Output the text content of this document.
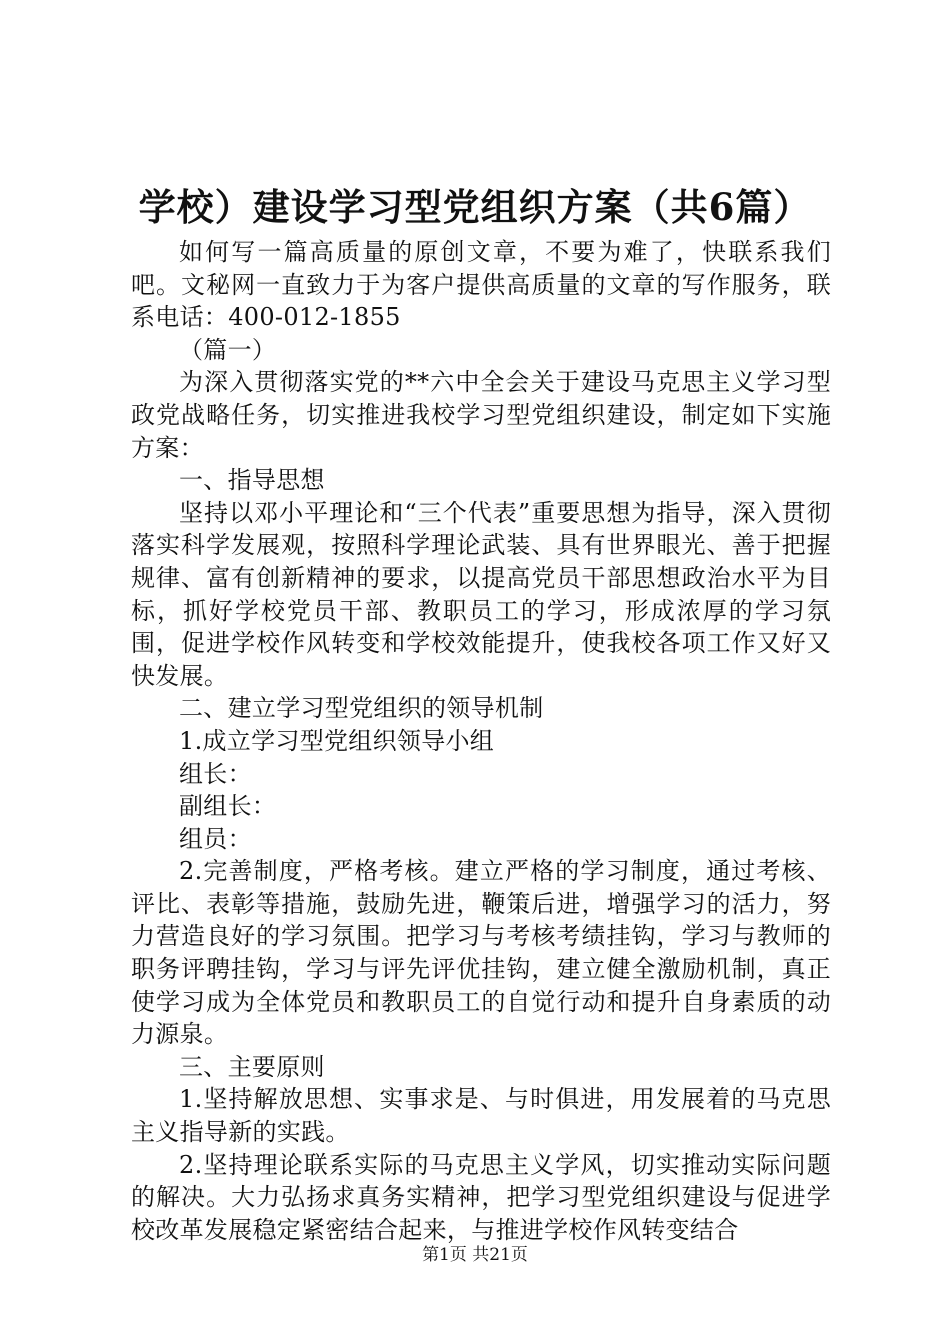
学校）建设学习型党组织方案（共6篇）

如何写一篇高质量的原创文章，不要为难了，快联系我们吧。文秘网一直致力于为客户提供高质量的文章的写作服务，联系电话：400-012-1855

（篇一）

为深入贯彻落实党的**六中全会关于建设马克思主义学习型政党战略任务，切实推进我校学习型党组织建设，制定如下实施方案：

一、指导思想

坚持以邓小平理论和“三个代表”重要思想为指导，深入贯彻落实科学发展观，按照科学理论武装、具有世界眼光、善于把握规律、富有创新精神的要求，以提高党员干部思想政治水平为目标，抓好学校党员干部、教职员工的学习，形成浓厚的学习氛围，促进学校作风转变和学校效能提升，使我校各项工作又好又快发展。

二、建立学习型党组织的领导机制

1.成立学习型党组织领导小组

组长：

副组长：

组员：

2.完善制度，严格考核。建立严格的学习制度，通过考核、评比、表彰等措施，鼓励先进，鞭策后进，增强学习的活力，努力营造良好的学习氛围。把学习与考核考绩挂钩，学习与教师的职务评聘挂钩，学习与评先评优挂钩，建立健全激励机制，真正使学习成为全体党员和教职员工的自觉行动和提升自身素质的动力源泉。

三、主要原则

1.坚持解放思想、实事求是、与时俱进，用发展着的马克思主义指导新的实践。

2.坚持理论联系实际的马克思主义学风，切实推动实际问题的解决。大力弘扬求真务实精神，把学习型党组织建设与促进学校改革发展稳定紧密结合起来，与推进学校作风转变结合

第1页 共21页
